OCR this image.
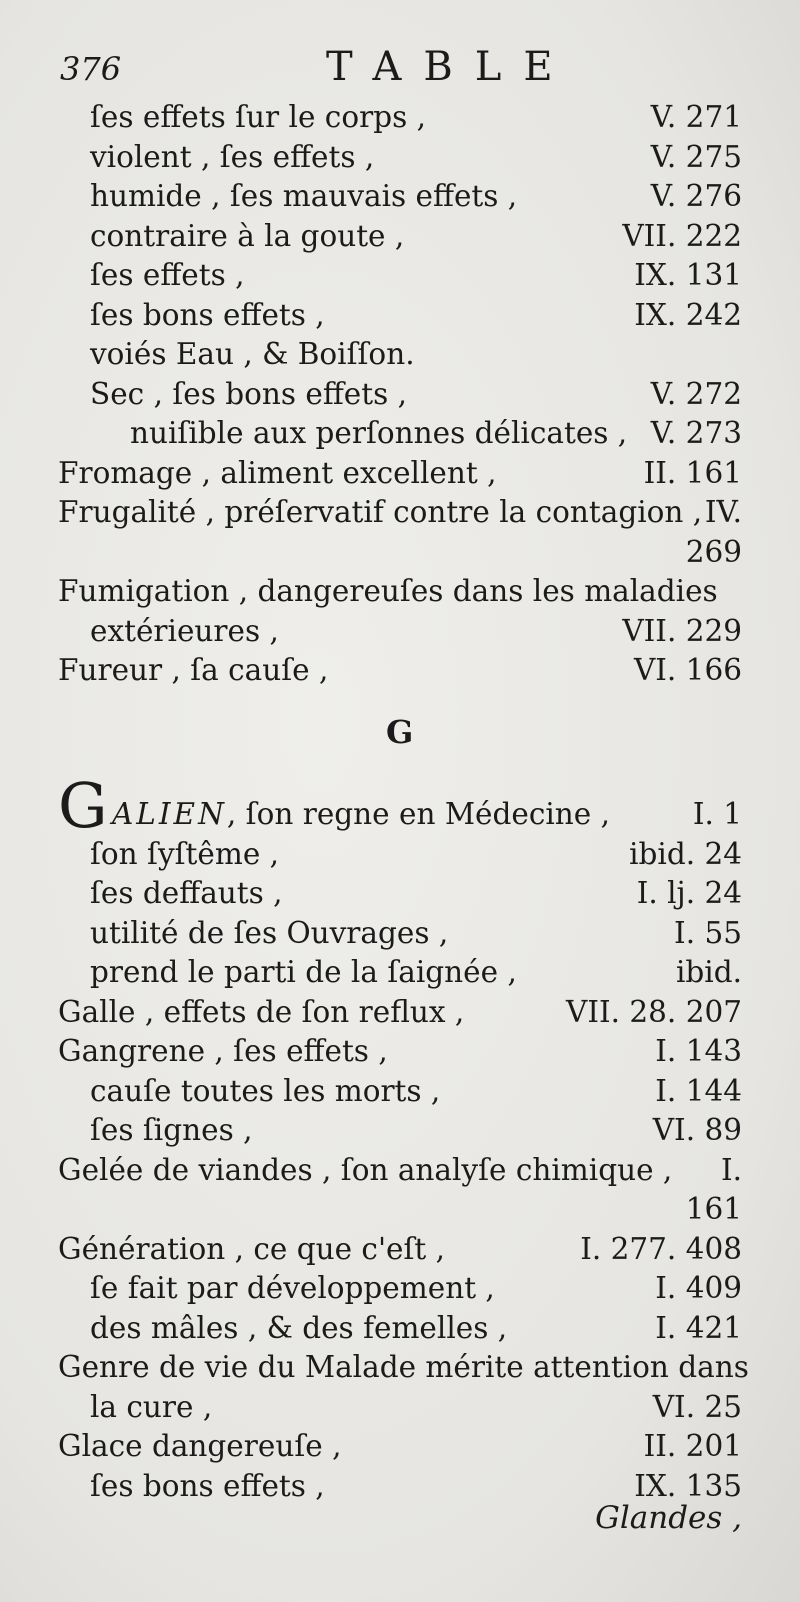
376	TABLE
ſes effets ſur le corps ,	V. 271
violent , ſes effets ,	V. 275
humide , ſes mauvais effets ,	V. 276
contraire à la goute ,	VII. 222
ſes effets ,	IX. 131
ſes bons effets ,	IX. 242
voiés Eau , & Boiſſon.
Sec , ſes bons effets ,	V. 272
nuiſible aux perſonnes délicates , V. 273
Fromage , aliment excellent ,	II. 161
Frugalité , préſervatif contre la contagion , IV.
269
Fumigation , dangereuſes dans les maladies
extérieures ,	VII. 229
Fureur , ſa cauſe ,	VI. 166
G
G ALIEN, ſon regne en Médecine ,	I. 1
ſon ſyſtême ,	ibid. 24
ſes deffauts ,	I. lj. 24
utilité de ſes Ouvrages ,	I. 55
prend le parti de la ſaignée ,	ibid.
Galle , effets de ſon reflux ,	VII. 28. 207
Gangrene , ſes effets ,	I. 143
cauſe toutes les morts ,	I. 144
ſes ſignes ,	VI. 89
Gelée de viandes , ſon analyſe chimique , I.
161
Génération , ce que c'eſt ,	I. 277. 408
ſe fait par développement ,	I. 409
des mâles , & des femelles ,	I. 421
Genre de vie du Malade mérite attention dans
la cure ,	VI. 25
Glace dangereuſe ,	II. 201
ſes bons effets ,	IX. 135
Glandes ,
